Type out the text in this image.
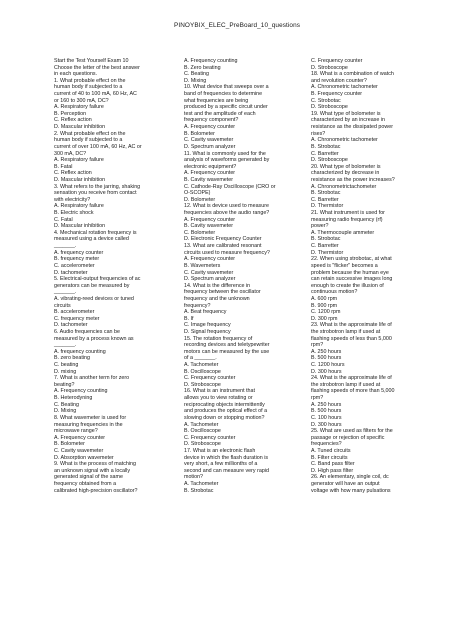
PINOYBIX_ELEC_PreBoard_10_questions
Start the Test Yourself Exam 10
Choose the letter of the best answer
in each questions.
1. What probable effect on the
human body if subjected to a
current of 40 to 100 mA, 60 Hz, AC
or 160 to 300 mA, DC?
A. Respiratory failure
B. Perception
C. Reflex action
D. Mascular inhibition
2. What probable effect on the
human body if subjected to a
current of over 100 mA, 60 Hz, AC or
300 mA, DC?
A. Respiratory failure
B. Fatal
C. Reflex action
D. Mascular inhibition
3. What refers to the jarring, shaking
sensation you receive from contact
with electricity?
A. Respiratory failure
B. Electric shock
C. Fatal
D. Mascular inhibition
4. Mechanical rotation frequency is
measured using a device called
_______.
A. frequency counter
B. frequency meter
C. accelerometer
D. tachometer
5. Electrical-output frequencies of ac
generators can be measured by
_______.
A. vibrating-reed devices or tuned
circuits
B. accelerometer
C. frequency meter
D. tachometer
6. Audio frequencies can be
measured by a process known as
_______.
A. frequency counting
B. zero beating
C. beating
D. mixing
7. What is another term for zero
beating?
A. Frequency counting
B. Heterodyning
C. Beating
D. Mixing
8. What wavemeter is used for
measuring frequencies in the
microwave range?
A. Frequency counter
B. Bolometer
C. Cavity wavemeter
D. Absorption wavemeter
9. What is the process of matching
an unknown signal with a locally
generated signal of the same
frequency obtained from a
calibrated high-precision oscillator?
A. Frequency counting
B. Zero beating
C. Beating
D. Mixing
10. What device that sweeps over a
band of frequencies to determine
what frequencies are being
produced by a specific circuit under
test and the amplitude of each
frequency component?
A. Frequency counter
B. Bolometer
C. Cavity wavemeter
D. Spectrum analyzer
11. What is commonly used for the
analysis of waveforms generated by
electronic equipment?
A. Frequency counter
B. Cavity wavemeter
C. Cathode-Ray Oscilloscope (CRO or
O-SCOPE)
D. Bolometer
12. What is device used to measure
frequencies above the audio range?
A. Frequency counter
B. Cavity wavemeter
C. Bolometer
D. Electronic Frequency Counter
13. What are calibrated resonant
circuits used to measure frequency?
A. Frequency counter
B. Wavemeters
C. Cavity wavemeter
D. Spectrum analyzer
14. What is the difference in
frequency between the oscillator
frequency and the unknown
frequency?
A. Beat frequency
B. If
C. Image frequency
D. Signal frequency
15. The rotation frequency of
recording devices and teletypewriter
motors can be measured by the use
of a _______.
A. Tachometer
B. Oscilloscope
C. Frequency counter
D. Stroboscope
16. What is an instrument that
allows you to view rotating or
reciprocating objects intermittently
and produces the optical effect of a
slowing down or stopping motion?
A. Tachometer
B. Oscilloscope
C. Frequency counter
D. Stroboscope
17. What is an electronic flash
device in which the flash duration is
very short, a few millionths of a
second and can measure very rapid
motion?
A. Tachometer
B. Strobotac
C. Frequency counter
D. Stroboscope
18. What is a combination of watch
and revolution counter?
A. Chronometric tachometer
B. Frequency counter
C. Strobotac
D. Stroboscope
19. What type of bolometer is
characterized by an increase in
resistance as the dissipated power
rises?
A. Chronometric tachometer
B. Strobotac
C. Barretter
D. Stroboscope
20. What type of bolometer is
characterized by decrease in
resistance as the power increases?
A. Chronometrictachometer
B. Strobotac
C. Barretter
D. Thermistor
21. What instrument is used for
measuring radio frequency (rf)
power?
A. Thermocouple ammeter
B. Strobotac
C. Barretter
D. Thermistor
22. When using strobotac, at what
speed is "flicker" becomes a
problem because the human eye
can retain successive images long
enough to create the illusion of
continuous motion?
A. 600 rpm
B. 900 rpm
C. 1200 rpm
D. 300 rpm
23. What is the approximate life of
the strobotron lamp if used at
flashing speeds of less than 5,000
rpm?
A. 250 hours
B. 500 hours
C. 1200 hours
D. 300 hours
24. What is the approximate life of
the strobotron lamp if used at
flashing speeds of more than 5,000
rpm?
A. 250 hours
B. 500 hours
C. 100 hours
D. 300 hours
25. What are used as filters for the
passage or rejection of specific
frequencies?
A. Tuned circuits
B. Filter circuits
C. Band pass filter
D. High pass filter
26. An elementary, single coil, dc
generator will have an output
voltage with how many pulsations
